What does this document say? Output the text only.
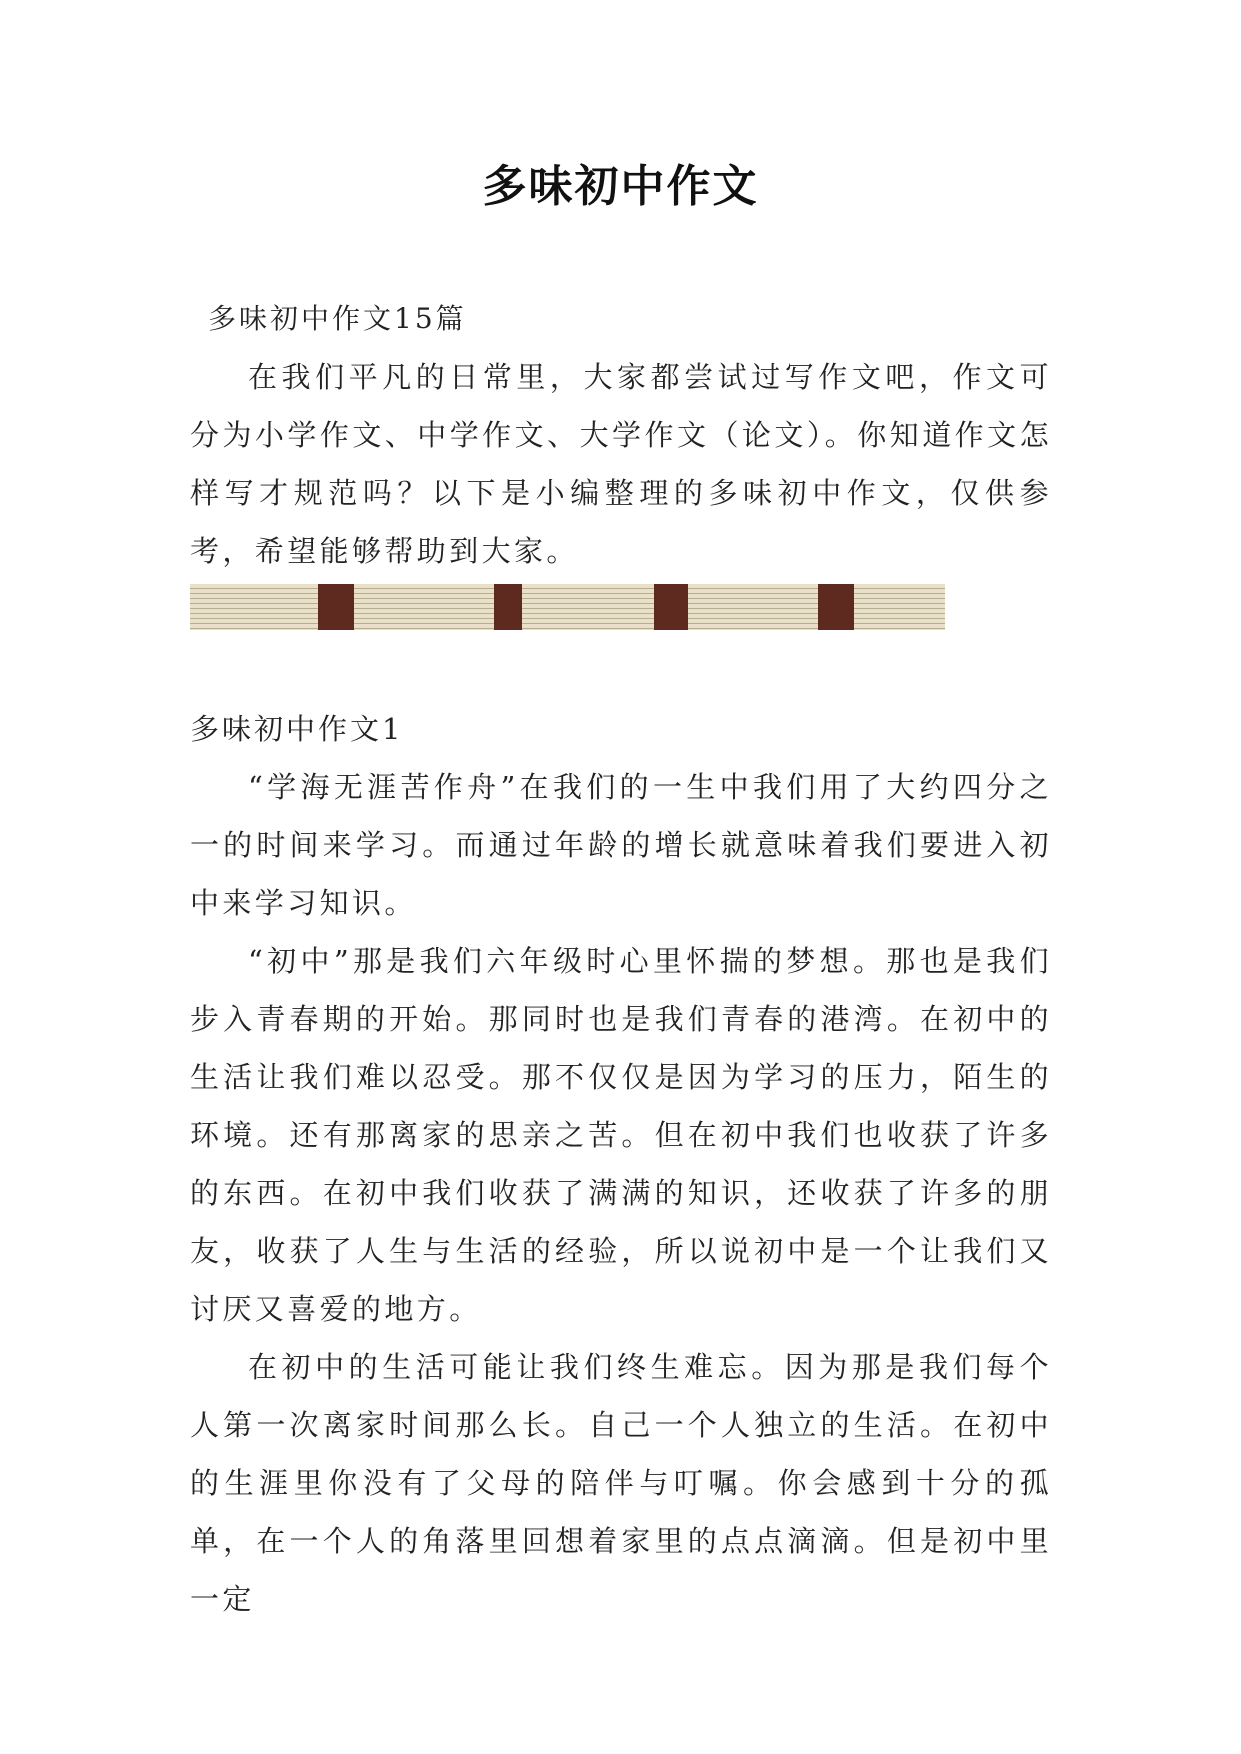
多味初中作文
多味初中作文15篇

在我们平凡的日常里，大家都尝试过写作文吧，作文可分为小学作文、中学作文、大学作文（论文）。你知道作文怎样写才规范吗？以下是小编整理的多味初中作文，仅供参考，希望能够帮助到大家。

多味初中作文1

“学海无涯苦作舟”在我们的一生中我们用了大约四分之一的时间来学习。而通过年龄的增长就意味着我们要进入初中来学习知识。

“初中”那是我们六年级时心里怀揣的梦想。那也是我们步入青春期的开始。那同时也是我们青春的港湾。在初中的生活让我们难以忍受。那不仅仅是因为学习的压力，陌生的环境。还有那离家的思亲之苦。但在初中我们也收获了许多的东西。在初中我们收获了满满的知识，还收获了许多的朋友，收获了人生与生活的经验，所以说初中是一个让我们又讨厌又喜爱的地方。

在初中的生活可能让我们终生难忘。因为那是我们每个人第一次离家时间那么长。自己一个人独立的生活。在初中的生涯里你没有了父母的陪伴与叮嘱。你会感到十分的孤单，在一个人的角落里回想着家里的点点滴滴。但是初中里一定
